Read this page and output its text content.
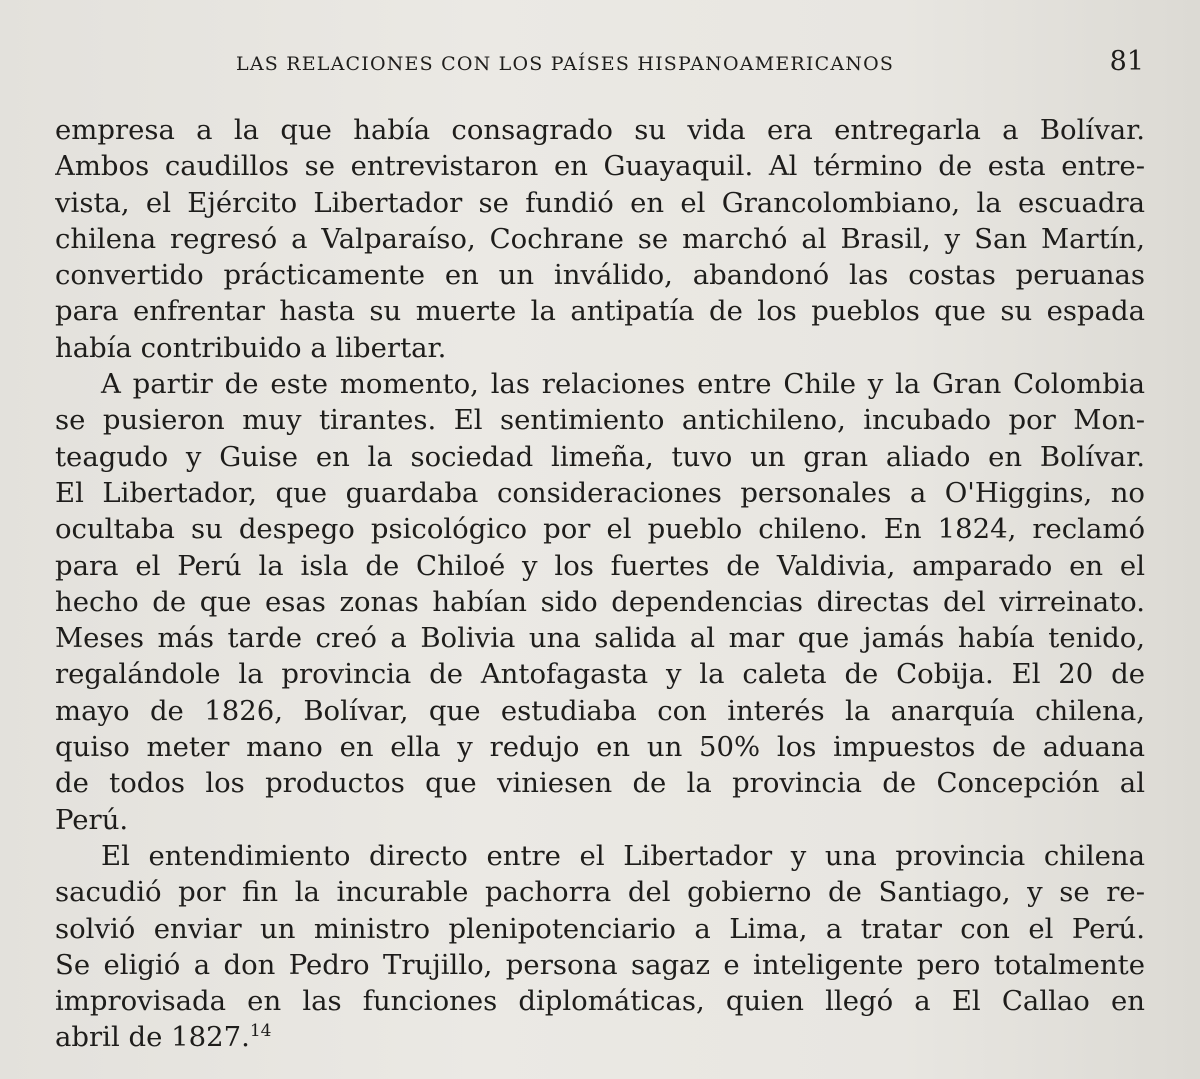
LAS RELACIONES CON LOS PAÍSES HISPANOAMERICANOS	81
empresa a la que había consagrado su vida era entregarla a Bolívar.
Ambos caudillos se entrevistaron en Guayaquil. Al término de esta entre-
vista, el Ejército Libertador se fundió en el Grancolombiano, la escuadra
chilena regresó a Valparaíso, Cochrane se marchó al Brasil, y San Martín,
convertido prácticamente en un inválido, abandonó las costas peruanas
para enfrentar hasta su muerte la antipatía de los pueblos que su espada
había contribuido a libertar.
A partir de este momento, las relaciones entre Chile y la Gran Colombia
se pusieron muy tirantes. El sentimiento antichileno, incubado por Mon-
teagudo y Guise en la sociedad limeña, tuvo un gran aliado en Bolívar.
El Libertador, que guardaba consideraciones personales a O'Higgins, no
ocultaba su despego psicológico por el pueblo chileno. En 1824, reclamó
para el Perú la isla de Chiloé y los fuertes de Valdivia, amparado en el
hecho de que esas zonas habían sido dependencias directas del virreinato.
Meses más tarde creó a Bolivia una salida al mar que jamás había tenido,
regalándole la provincia de Antofagasta y la caleta de Cobija. El 20 de
mayo de 1826, Bolívar, que estudiaba con interés la anarquía chilena,
quiso meter mano en ella y redujo en un 50% los impuestos de aduana
de todos los productos que viniesen de la provincia de Concepción al
Perú.
El entendimiento directo entre el Libertador y una provincia chilena
sacudió por fin la incurable pachorra del gobierno de Santiago, y se re-
solvió enviar un ministro plenipotenciario a Lima, a tratar con el Perú.
Se eligió a don Pedro Trujillo, persona sagaz e inteligente pero totalmente
improvisada en las funciones diplomáticas, quien llegó a El Callao en
abril de 1827.14
